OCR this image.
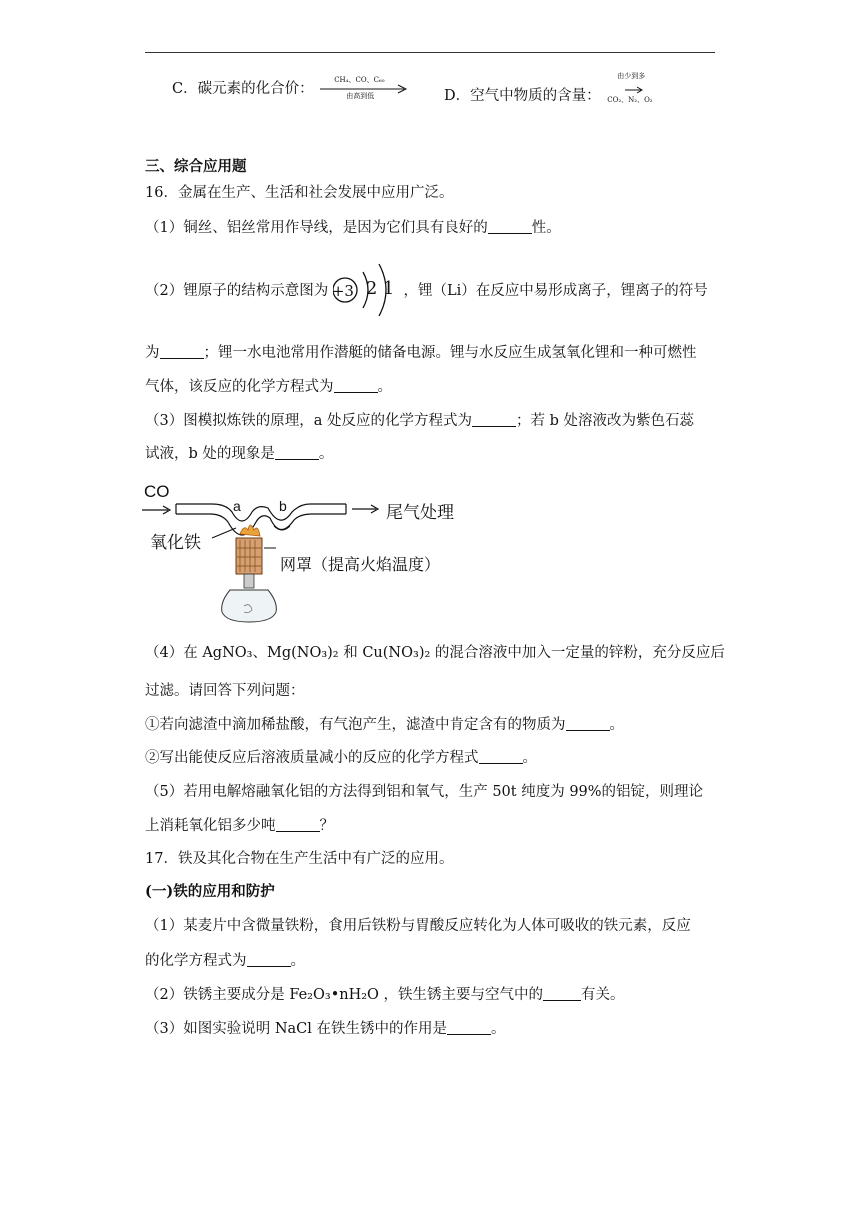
C．碳元素的化合价：
CH₄、CO、C₆₀
由高到低	D．空气中物质的含量：
由少到多
CO₂、N₂、O₂
三、综合应用题
16．金属在生产、生活和社会发展中应用广泛。
（1）铜丝、铝丝常用作导线，是因为它们具有良好的	性。
（2）锂原子的结构示意图为 +3 2 1 ，锂（Li）在反应中易形成离子，锂离子的符号
为	；锂一水电池常用作潜艇的储备电源。锂与水反应生成氢氧化锂和一种可燃性
气体，该反应的化学方程式为	。
（3）图模拟炼铁的原理，a 处反应的化学方程式为	；若 b 处溶液改为紫色石蕊
试液，b 处的现象是	。
CO
a	b	尾气处理
氧化铁
网罩（提高火焰温度）
（4）在 AgNO₃、Mg(NO₃)₂ 和 Cu(NO₃)₂ 的混合溶液中加入一定量的锌粉，充分反应后
过滤。请回答下列问题：
①若向滤渣中滴加稀盐酸，有气泡产生，滤渣中肯定含有的物质为	。
②写出能使反应后溶液质量减小的反应的化学方程式	。
（5）若用电解熔融氧化铝的方法得到铝和氧气，生产 50t 纯度为 99%的铝锭，则理论
上消耗氧化铝多少吨	？
17．铁及其化合物在生产生活中有广泛的应用。
(一)铁的应用和防护
（1）某麦片中含微量铁粉，食用后铁粉与胃酸反应转化为人体可吸收的铁元素，反应
的化学方程式为	。
（2）铁锈主要成分是 Fe₂O₃•nH₂O ，铁生锈主要与空气中的	有关。
（3）如图实验说明 NaCl 在铁生锈中的作用是	。
